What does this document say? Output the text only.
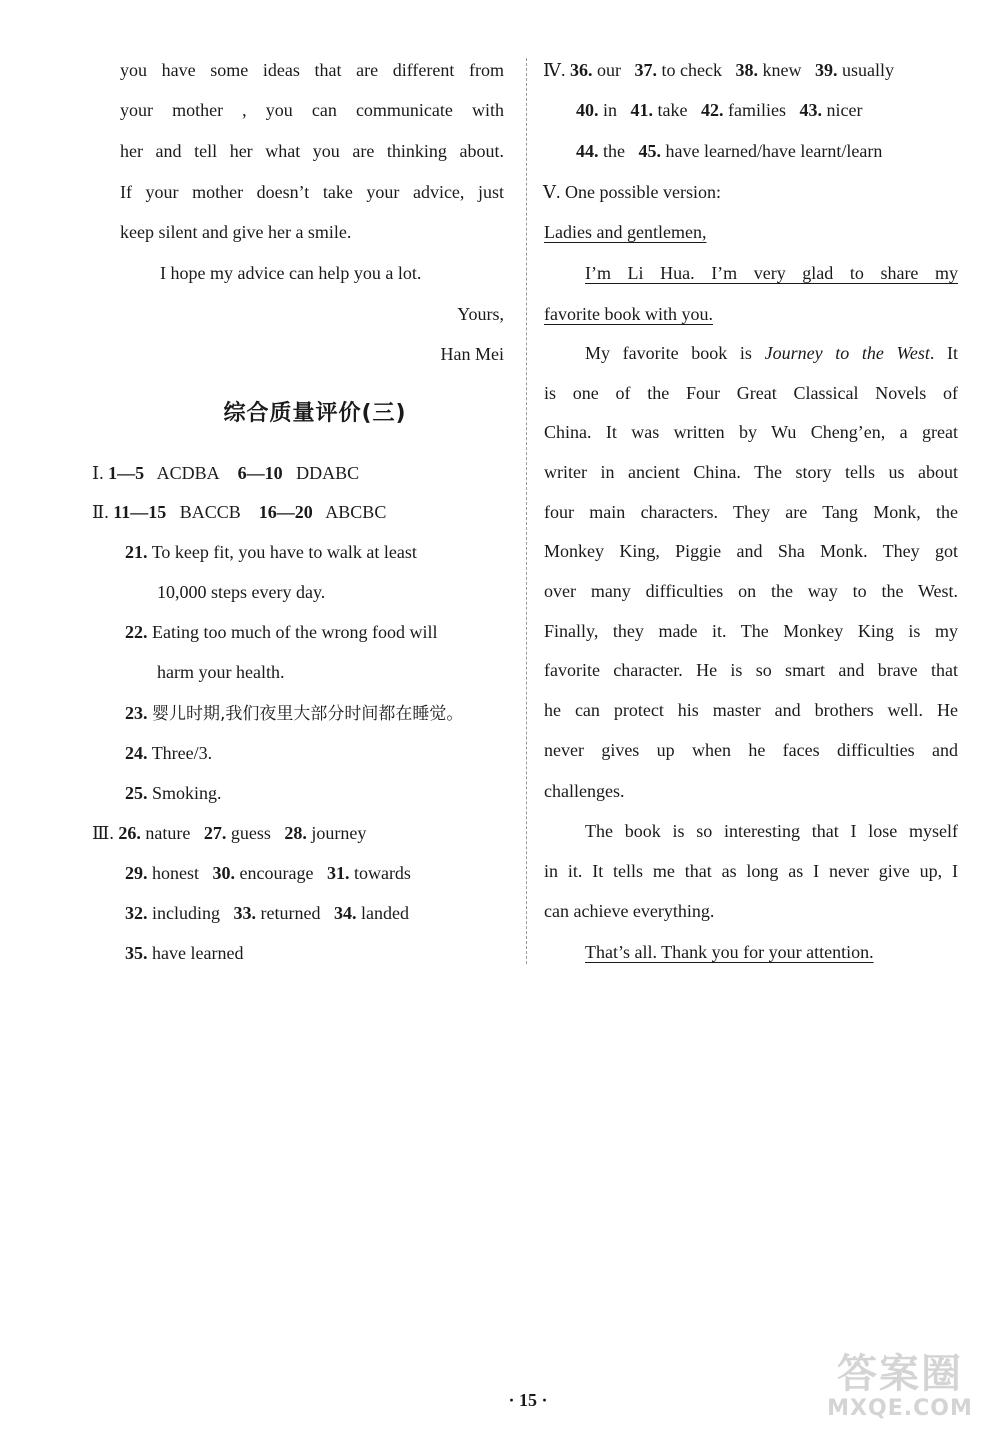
you have some ideas that are different from
your mother , you can communicate with
her and tell her what you are thinking about.
If your mother doesn’t take your advice, just
keep silent and give her a smile.
I hope my advice can help you a lot.
Yours,
Han Mei
综合质量评价(三)
Ⅰ. 1—5 ACDBA 6—10 DDABC
Ⅱ. 11—15 BACCB 16—20 ABCBC
21. To keep fit, you have to walk at least
10,000 steps every day.
22. Eating too much of the wrong food will
harm your health.
23. 婴儿时期,我们夜里大部分时间都在睡觉。
24. Three/3.
25. Smoking.
Ⅲ. 26. nature 27. guess 28. journey
29. honest 30. encourage 31. towards
32. including 33. returned 34. landed
35. have learned
Ⅳ. 36. our 37. to check 38. knew 39. usually
40. in 41. take 42. families 43. nicer
44. the 45. have learned/have learnt/learn
Ⅴ. One possible version:
Ladies and gentlemen,
I’m Li Hua. I’m very glad to share my
favorite book with you.
My favorite book is Journey to the West. It
is one of the Four Great Classical Novels of
China. It was written by Wu Cheng’en, a great
writer in ancient China. The story tells us about
four main characters. They are Tang Monk, the
Monkey King, Piggie and Sha Monk. They got
over many difficulties on the way to the West.
Finally, they made it. The Monkey King is my
favorite character. He is so smart and brave that
he can protect his master and brothers well. He
never gives up when he faces difficulties and
challenges.
The book is so interesting that I lose myself
in it. It tells me that as long as I never give up, I
can achieve everything.
That’s all. Thank you for your attention.
· 15 ·
答案圈
MXQE.COM
